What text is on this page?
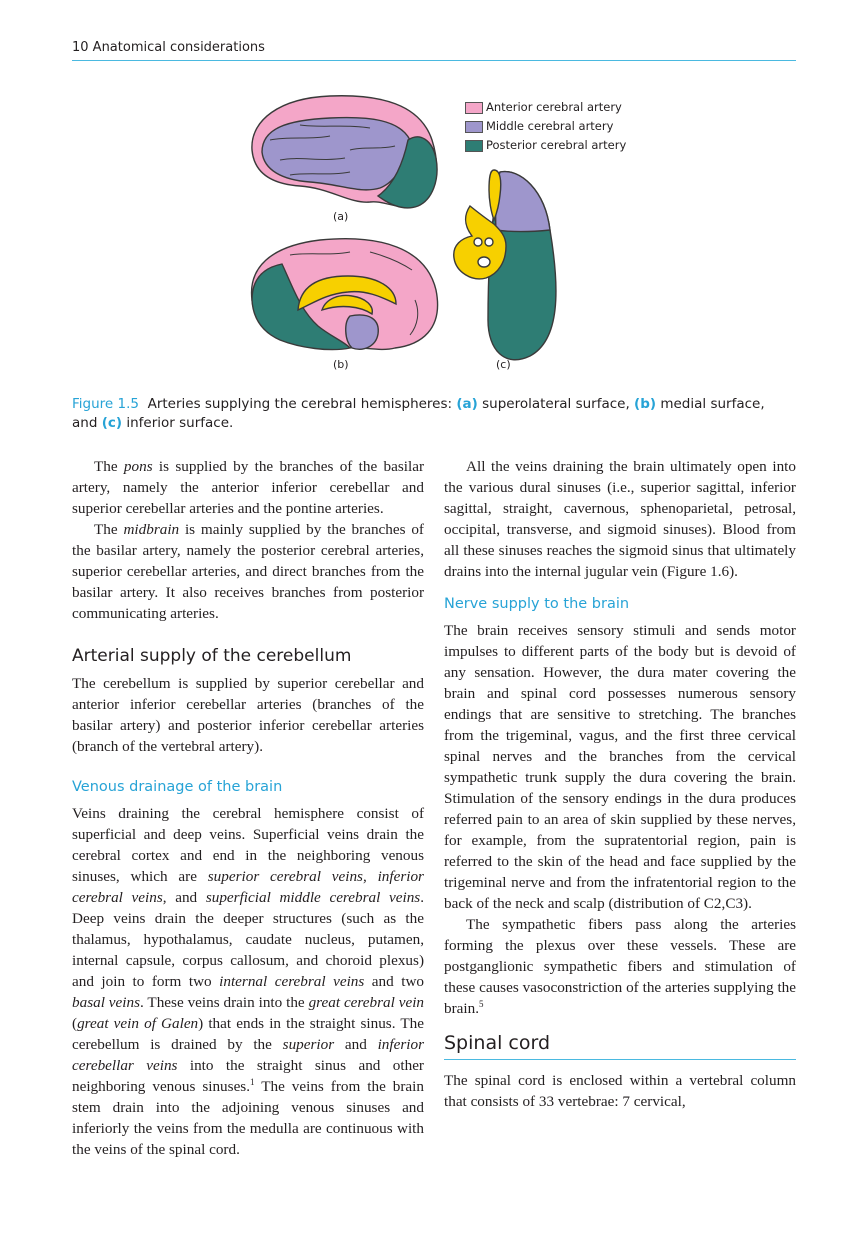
10 Anatomical considerations
Anterior cerebral artery
Middle cerebral artery
Posterior cerebral artery
(a)
(b)	(c)
Figure 1.5 Arteries supplying the cerebral hemispheres: (a) superolateral surface, (b) medial surface,
and (c) inferior surface.

The pons is supplied by the branches of the basilar artery, namely the anterior inferior cerebellar and superior cerebellar arteries and the pontine arteries.

The midbrain is mainly supplied by the branches of the basilar artery, namely the posterior cerebral arteries, superior cerebellar arteries, and direct branches from the basilar artery. It also receives branches from posterior communicating arteries.

Arterial supply of the cerebellum

The cerebellum is supplied by superior cerebellar and anterior inferior cerebellar arteries (branches of the basilar artery) and posterior inferior cerebellar arteries (branch of the vertebral artery).

Venous drainage of the brain

Veins draining the cerebral hemisphere consist of superficial and deep veins. Superficial veins drain the cerebral cortex and end in the neighboring venous sinuses, which are superior cerebral veins, inferior cerebral veins, and superficial middle cerebral veins. Deep veins drain the deeper structures (such as the thalamus, hypothalamus, caudate nucleus, putamen, internal capsule, corpus callosum, and choroid plexus) and join to form two internal cerebral veins and two basal veins. These veins drain into the great cerebral vein (great vein of Galen) that ends in the straight sinus. The cerebellum is drained by the superior and inferior cerebellar veins into the straight sinus and other neighboring venous sinuses.$^1$ The veins from the brain stem drain into the adjoining venous sinuses and inferiorly the veins from the medulla are continuous with the veins of the spinal cord.

All the veins draining the brain ultimately open into the various dural sinuses (i.e., superior sagittal, inferior sagittal, straight, cavernous, sphenoparietal, petrosal, occipital, transverse, and sigmoid sinuses). Blood from all these sinuses reaches the sigmoid sinus that ultimately drains into the internal jugular vein (Figure 1.6).

Nerve supply to the brain

The brain receives sensory stimuli and sends motor impulses to different parts of the body but is devoid of any sensation. However, the dura mater covering the brain and spinal cord possesses numerous sensory endings that are sensitive to stretching. The branches from the trigeminal, vagus, and the first three cervical spinal nerves and the branches from the cervical sympathetic trunk supply the dura covering the brain. Stimulation of the sensory endings in the dura produces referred pain to an area of skin supplied by these nerves, for example, from the supratentorial region, pain is referred to the skin of the head and face supplied by the trigeminal nerve and from the infratentorial region to the back of the neck and scalp (distribution of C2,C3).

The sympathetic fibers pass along the arteries forming the plexus over these vessels. These are postganglionic sympathetic fibers and stimulation of these causes vasoconstriction of the arteries supplying the brain.$^5$

Spinal cord

The spinal cord is enclosed within a vertebral column that consists of 33 vertebrae: 7 cervical,
